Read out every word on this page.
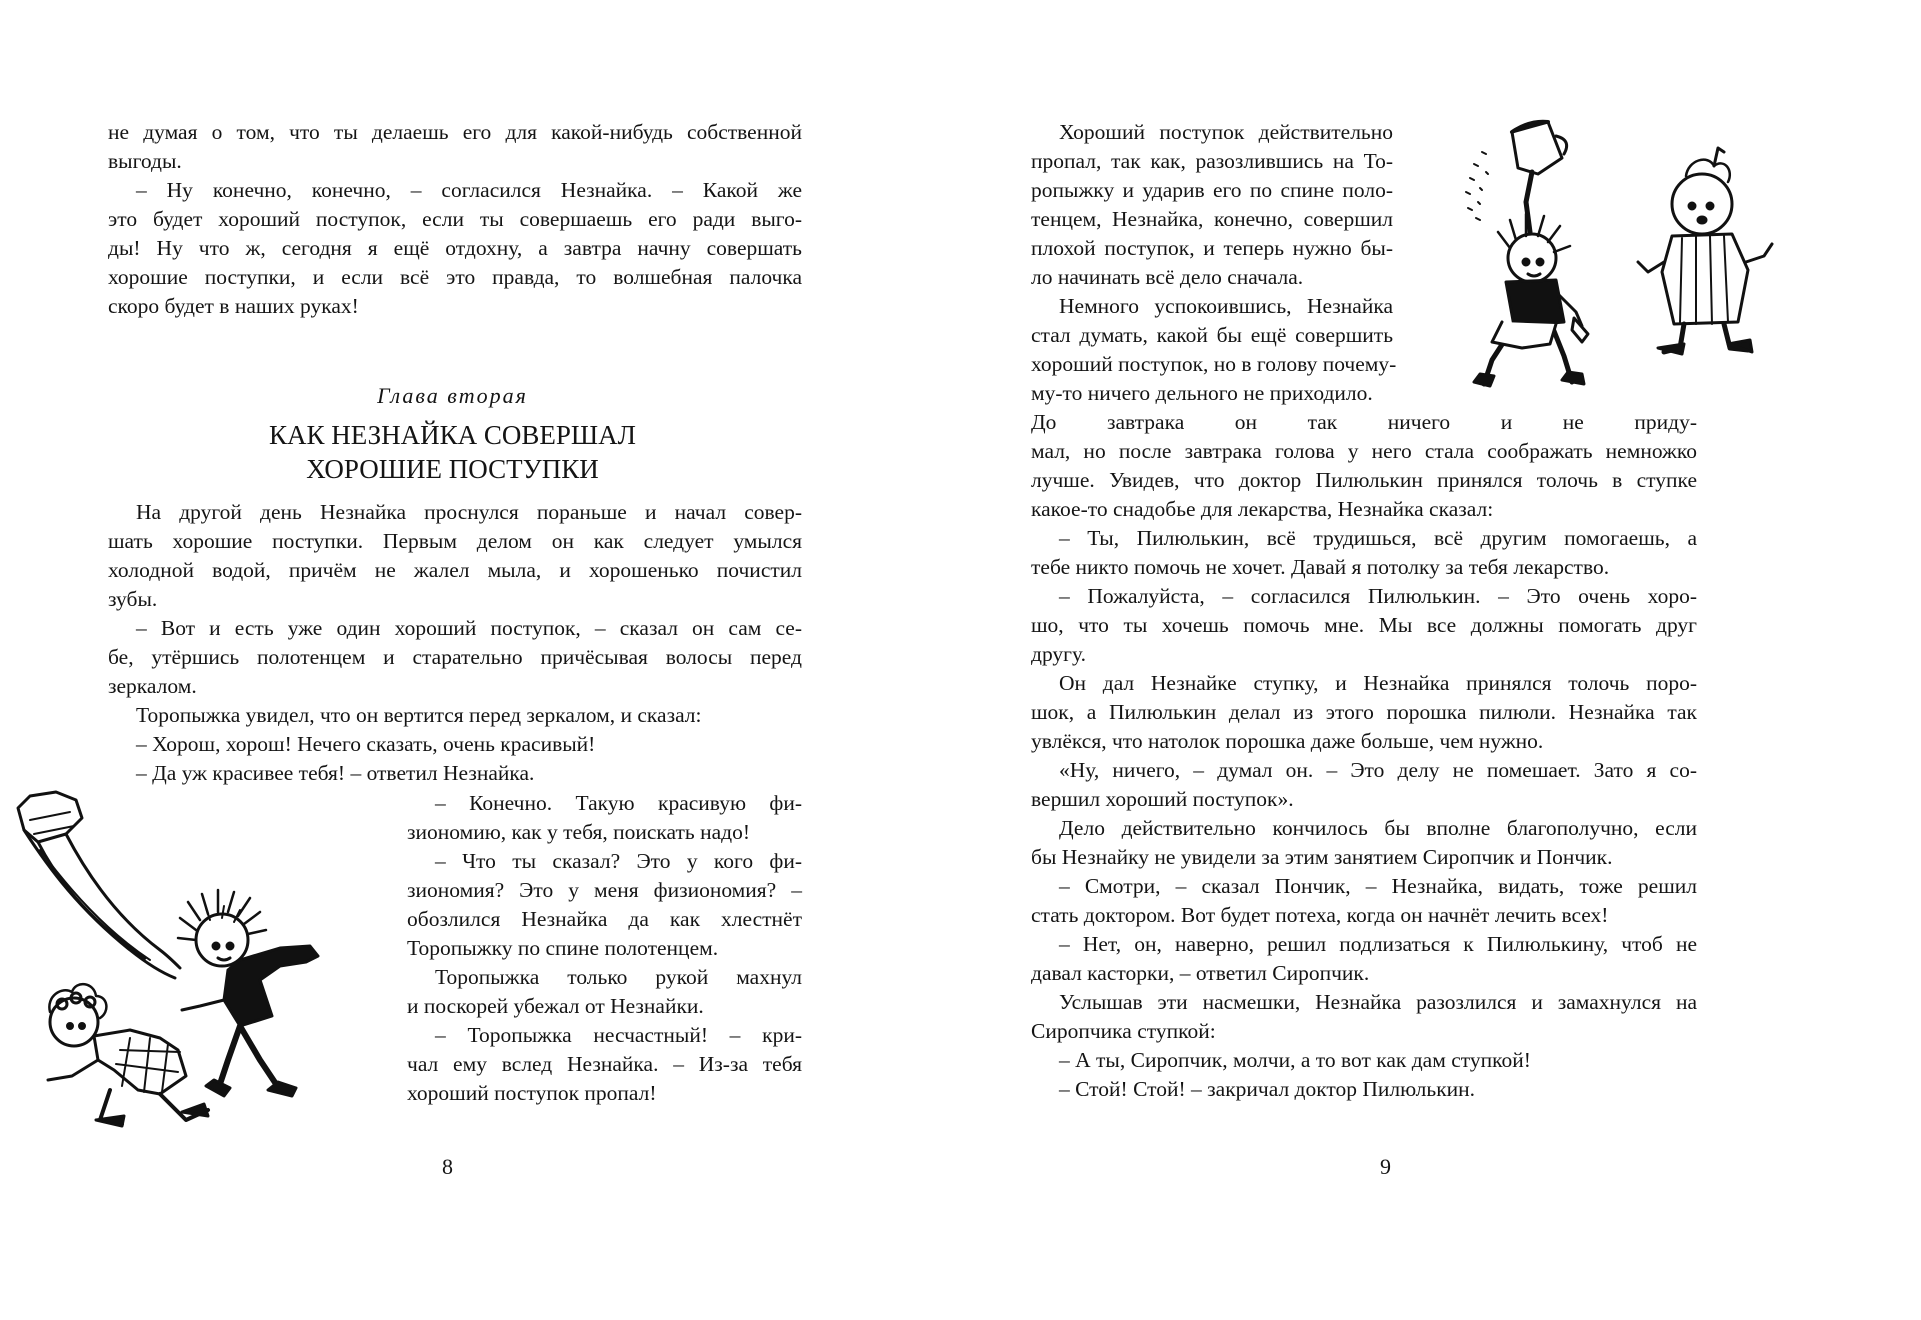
не думая о том, что ты делаешь его для какой-нибудь собственной

выгоды.

– Ну конечно, конечно, – согласился Незнайка. – Какой же

это будет хороший поступок, если ты совершаешь его ради выго-

ды! Ну что ж, сегодня я ещё отдохну, а завтра начну совершать

хорошие поступки, и если всё это правда, то волшебная палочка

скоро будет в наших руках!

Глава вторая

КАК НЕЗНАЙКА СОВЕРШАЛ
ХОРОШИЕ ПОСТУПКИ

На другой день Незнайка проснулся пораньше и начал совер-

шать хорошие поступки. Первым делом он как следует умылся

холодной водой, причём не жалел мыла, и хорошенько почистил

зубы.

– Вот и есть уже один хороший поступок, – сказал он сам се-

бе, утёршись полотенцем и старательно причёсывая волосы перед

зеркалом.

Торопыжка увидел, что он вертится перед зеркалом, и сказал:

– Хорош, хорош! Нечего сказать, очень красивый!

– Да уж красивее тебя! – ответил Незнайка.

– Конечно. Такую красивую фи-

зиономию, как у тебя, поискать надо!

– Что ты сказал? Это у кого фи-

зиономия? Это у меня физиономия? –

обозлился Незнайка да как хлестнёт

Торопыжку по спине полотенцем.

Торопыжка только рукой махнул

и поскорей убежал от Незнайки.

– Торопыжка несчастный! – кри-

чал ему вслед Незнайка. – Из-за тебя

хороший поступок пропал!

8

Хороший поступок действительно

пропал, так как, разозлившись на То-

ропыжку и ударив его по спине поло-

тенцем, Незнайка, конечно, совершил

плохой поступок, и теперь нужно бы-

ло начинать всё дело сначала.

Немного успокоившись, Незнайка

стал думать, какой бы ещё совершить

хороший поступок, но в голову почему-

му-то ничего дельного не приходило.

До завтрака он так ничего и не приду-

мал, но после завтрака голова у него стала соображать немножко

лучше. Увидев, что доктор Пилюлькин принялся толочь в ступке

какое-то снадобье для лекарства, Незнайка сказал:

– Ты, Пилюлькин, всё трудишься, всё другим помогаешь, а

тебе никто помочь не хочет. Давай я потолку за тебя лекарство.

– Пожалуйста, – согласился Пилюлькин. – Это очень хоро-

шо, что ты хочешь помочь мне. Мы все должны помогать друг

другу.

Он дал Незнайке ступку, и Незнайка принялся толочь поро-

шок, а Пилюлькин делал из этого порошка пилюли. Незнайка так

увлёкся, что натолок порошка даже больше, чем нужно.

«Ну, ничего, – думал он. – Это делу не помешает. Зато я со-

вершил хороший поступок».

Дело действительно кончилось бы вполне благополучно, если

бы Незнайку не увидели за этим занятием Сиропчик и Пончик.

– Смотри, – сказал Пончик, – Незнайка, видать, тоже решил

стать доктором. Вот будет потеха, когда он начнёт лечить всех!

– Нет, он, наверно, решил подлизаться к Пилюлькину, чтоб не

давал касторки, – ответил Сиропчик.

Услышав эти насмешки, Незнайка разозлился и замахнулся на

Сиропчика ступкой:

– А ты, Сиропчик, молчи, а то вот как дам ступкой!

– Стой! Стой! – закричал доктор Пилюлькин.

9
